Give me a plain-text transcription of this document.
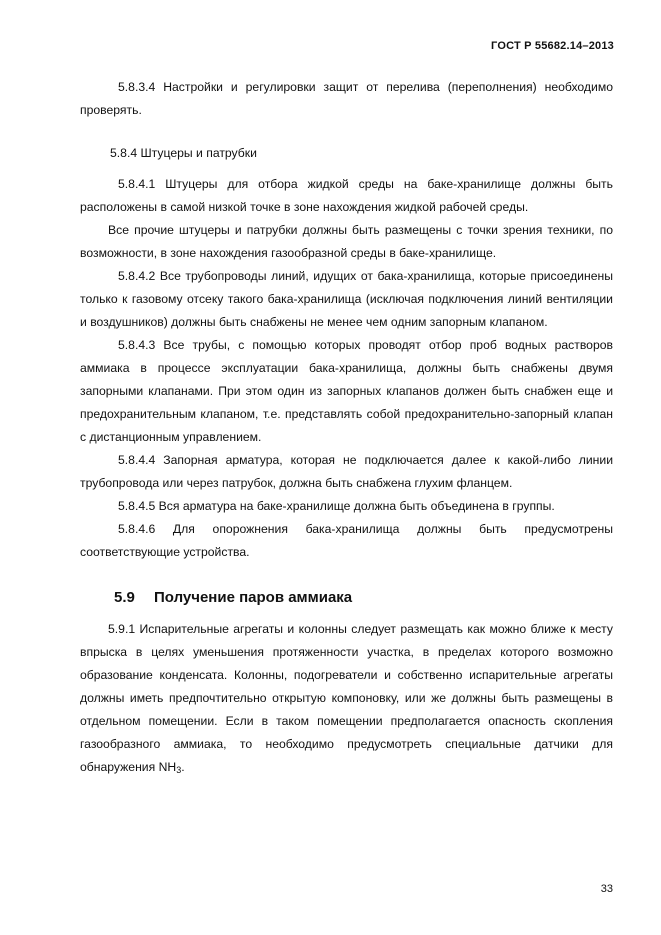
ГОСТ Р 55682.14–2013

5.8.3.4 Настройки и регулировки защит от перелива (переполнения) необходимо проверять.

5.8.4 Штуцеры и патрубки

5.8.4.1 Штуцеры для отбора жидкой среды на баке-хранилище должны быть расположены в самой низкой точке в зоне нахождения жидкой рабочей среды.

Все прочие штуцеры и патрубки должны быть размещены с точки зрения техники, по возможности, в зоне нахождения газообразной среды в баке-хранилище.

5.8.4.2 Все трубопроводы линий, идущих от бака-хранилища, которые присоединены только к газовому отсеку такого бака-хранилища (исключая подключения линий вентиляции и воздушников) должны быть снабжены не менее чем одним запорным клапаном.

5.8.4.3 Все трубы, с помощью которых проводят отбор проб водных растворов аммиака в процессе эксплуатации бака-хранилища, должны быть снабжены двумя запорными клапанами. При этом один из запорных клапанов должен быть снабжен еще и предохранительным клапаном, т.е. представлять собой предохранительно-запорный клапан с дистанционным управлением.

5.8.4.4 Запорная арматура, которая не подключается далее к какой-либо линии трубопровода или через патрубок, должна быть снабжена глухим фланцем.

5.8.4.5 Вся арматура на баке-хранилище должна быть объединена в группы.

5.8.4.6 Для опорожнения бака-хранилища должны быть предусмотрены соответствующие устройства.

5.9 Получение паров аммиака

5.9.1 Испарительные агрегаты и колонны следует размещать как можно ближе к месту впрыска в целях уменьшения протяженности участка, в пределах которого возможно образование конденсата. Колонны, подогреватели и собственно испарительные агрегаты должны иметь предпочтительно открытую компоновку, или же должны быть размещены в отдельном помещении. Если в таком помещении предполагается опасность скопления газообразного аммиака, то необходимо предусмотреть специальные датчики для обнаружения $NH_3$.

33
